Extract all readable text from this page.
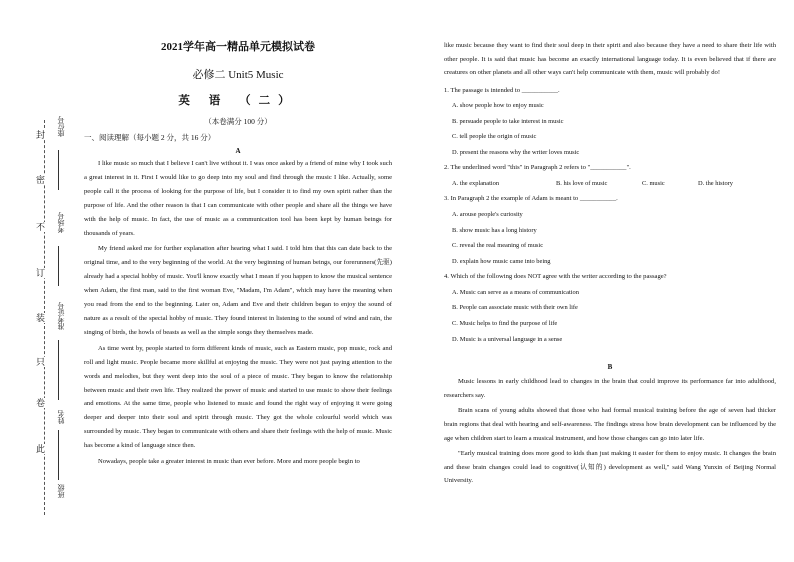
封
密
不
订
装
只
卷
此
座位号
考场号
准考证号
姓名
班级
2021学年高一精品单元模拟试卷
必修二 Unit5 Music
英 语 （二）
（本卷满分 100 分）
一、阅读理解（每小题 2 分，共 16 分）
A

I like music so much that I believe I can't live without it. I was once asked by a friend of mine why I took such a great interest in it. First I would like to go deep into my soul and find through the music I like. Actually, some people call it the process of looking for the purpose of life, but I consider it to find my own spirit rather than the purpose of life. And the other reason is that I can communicate with other people and share all the things we have with the help of music. In fact, the use of music as a communication tool has been kept by human beings for thousands of years.

My friend asked me for further explanation after hearing what I said. I told him that this can date back to the original time, and to the very beginning of the world. At the very beginning of human beings, our forerunners(先驱) already had a special hobby of music. You'll know exactly what I mean if you happen to know the musical sentence when Adam, the first man, said to the first woman Eve, "Madam, I'm Adam", which may have the meaning when you read from the end to the beginning. Later on, Adam and Eve and their children began to enjoy the sound of nature as a result of the special hobby of music. They found interest in listening to the sound of wind and rain, the singing of birds, the howls of beasts as well as the simple songs they themselves made.

As time went by, people started to form different kinds of music, such as Eastern music, pop music, rock and roll and light music. People became more skillful at enjoying the music. They were not just paying attention to the words and melodies, but they went deep into the soul of a piece of music. They began to know the relationship between music and their own life. They realized the power of music and started to use music to show their feelings and emotions. At the same time, people who listened to music and found the right way of enjoying it were going deeper and deeper into their soul and spirit through music. They got the whole colourful world which was surrounded by music. They began to communicate with others and share their feelings with the help of music. Music has become a kind of language since then.

Nowadays, people take a greater interest in music than ever before. More and more people begin to

like music because they want to find their soul deep in their spirit and also because they have a need to share their life with other people. It is said that music has become an exactly international language today. It is even believed that if there are creatures on other planets and all other ways can't help communicate with them, music will probably do!

1. The passage is intended to ___________.
A. show people how to enjoy music
B. persuade people to take interest in music
C. tell people the origin of music
D. present the reasons why the writer loves music
2. The underlined word "this" in Paragraph 2 refers to "___________".
A. the explanation	B. his love of music	C. music	D. the history
3. In Paragraph 2 the example of Adam is meant to ___________.
A. arouse people's curiosity
B. show music has a long history
C. reveal the real meaning of music
D. explain how music came into being
4. Which of the following does NOT agree with the writer according to the passage?
A. Music can serve as a means of communication
B. People can associate music with their own life
C. Music helps to find the purpose of life
D. Music is a universal language in a sense
B

Music lessons in early childhood lead to changes in the brain that could improve its performance far into adulthood, researchers say.

Brain scans of young adults showed that those who had formal musical training before the age of seven had thicker brain regions that deal with hearing and self-awareness. The findings stress how brain development can be influenced by the age when children start to learn a musical instrument, and how those changes can go into later life.

"Early musical training does more good to kids than just making it easier for them to enjoy music. It changes the brain and these brain changes could lead to cognitive(认知的) development as well," said Wang Yunxin of Beijing Normal University.
